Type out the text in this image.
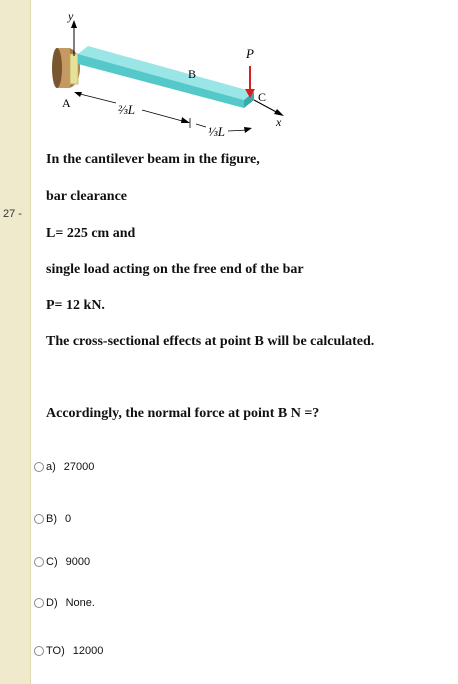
27 -
y
x
P
B
C
A	⅔L
⅓L
In the cantilever beam in the figure,
bar clearance
L= 225 cm and
single load acting on the free end of the bar
P= 12 kN.
The cross-sectional effects at point B will be calculated.
Accordingly, the normal force at point B N =?
a) 27000
B) 0
C) 9000
D) None.
TO) 12000
